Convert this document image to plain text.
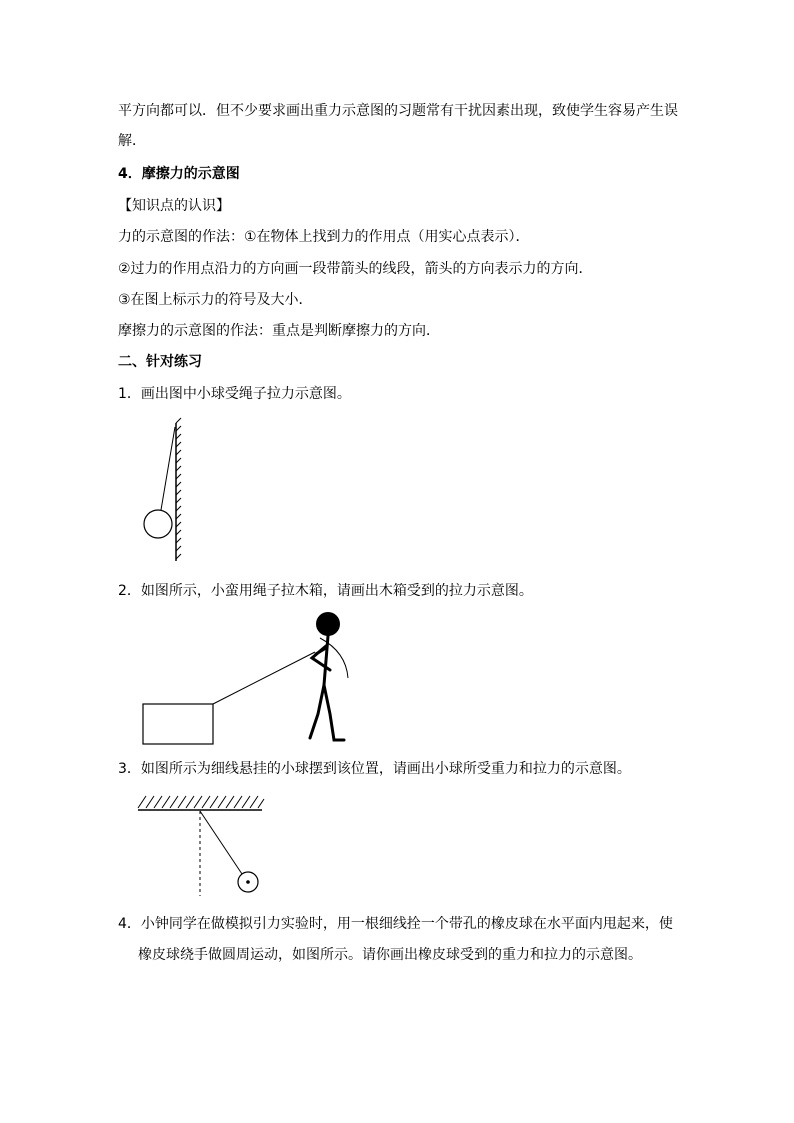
平方向都可以．但不少要求画出重力示意图的习题常有干扰因素出现，致使学生容易产生误
解．
4．摩擦力的示意图
【知识点的认识】
力的示意图的作法：①在物体上找到力的作用点（用实心点表示）．
②过力的作用点沿力的方向画一段带箭头的线段，箭头的方向表示力的方向．
③在图上标示力的符号及大小．
摩擦力的示意图的作法：重点是判断摩擦力的方向．
二、针对练习
1．画出图中小球受绳子拉力示意图。
2．如图所示，小蛮用绳子拉木箱，请画出木箱受到的拉力示意图。
3．如图所示为细线悬挂的小球摆到该位置，请画出小球所受重力和拉力的示意图。
4．小钟同学在做模拟引力实验时，用一根细线拴一个带孔的橡皮球在水平面内甩起来，使
橡皮球绕手做圆周运动，如图所示。请你画出橡皮球受到的重力和拉力的示意图。
